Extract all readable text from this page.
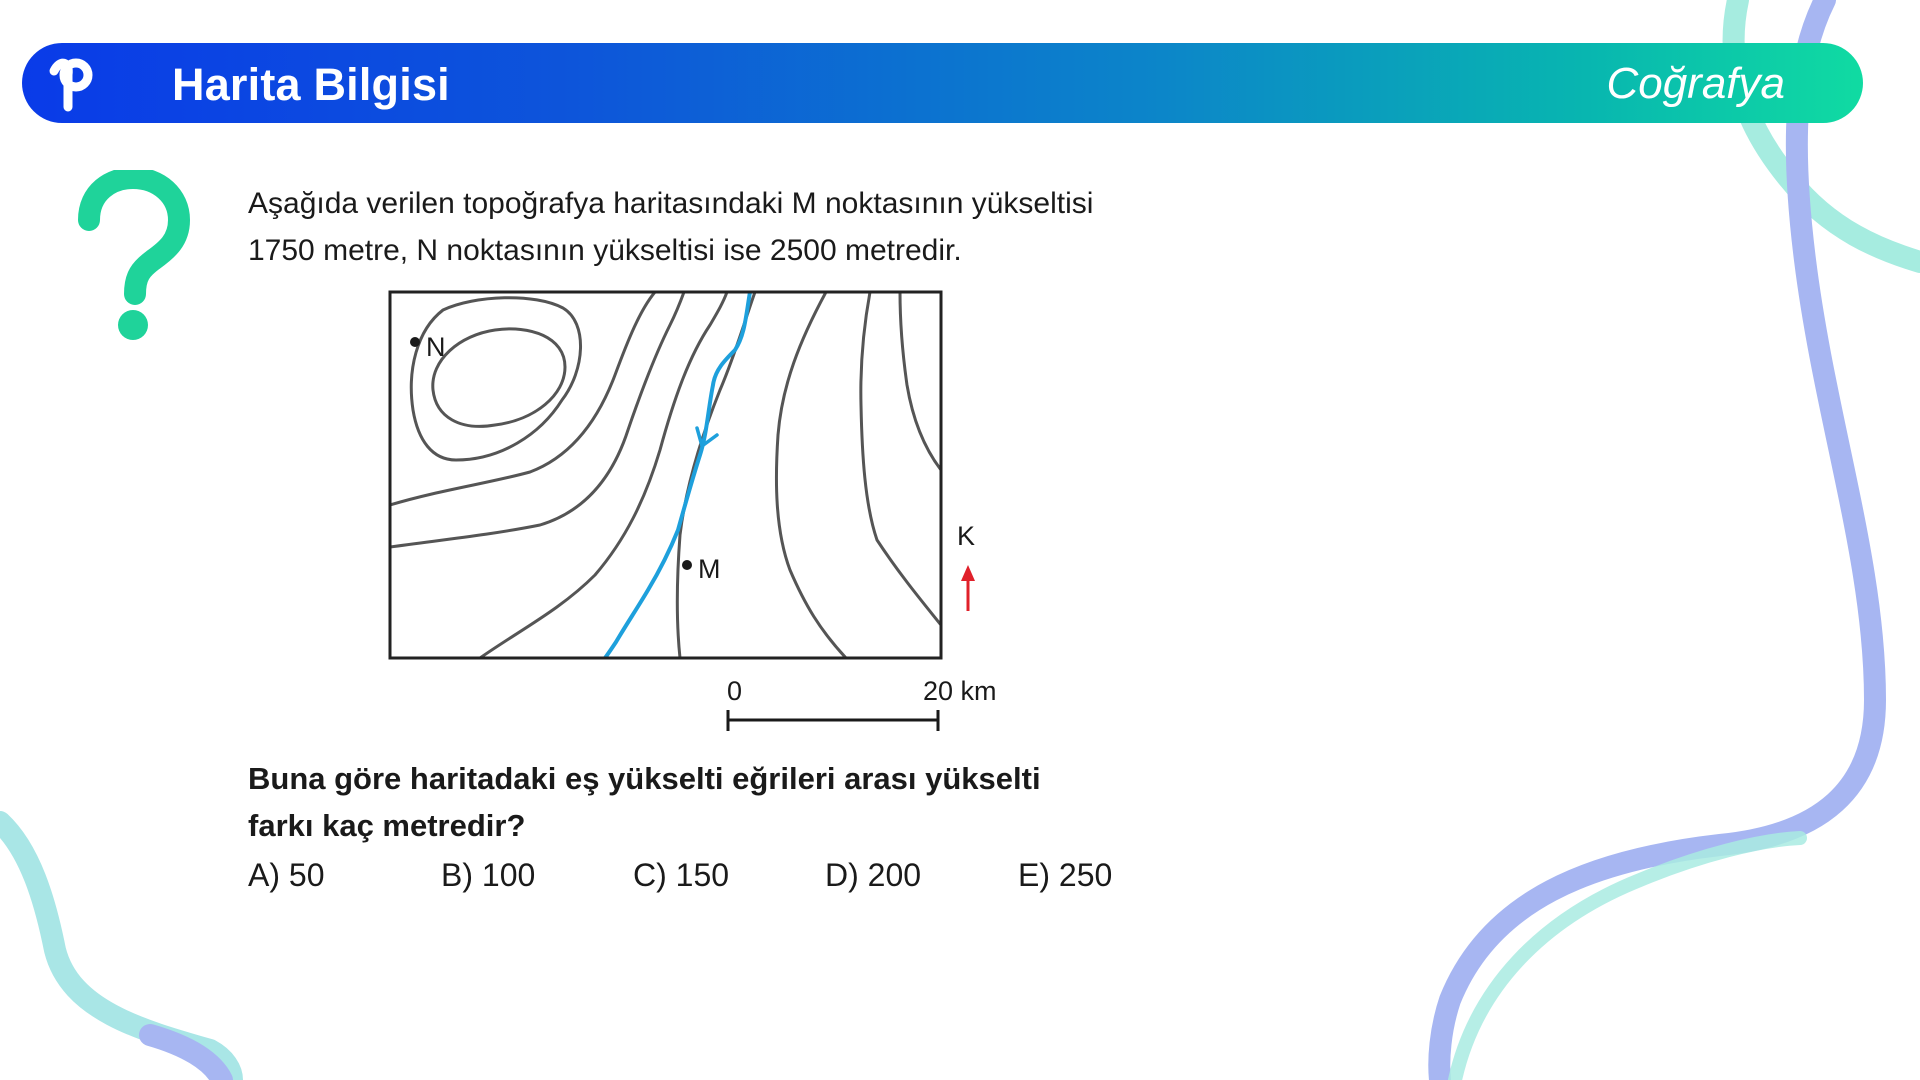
Harita Bilgisi	Coğrafya
Aşağıda verilen topoğrafya haritasındaki M noktasının yükseltisi
1750 metre, N noktasının yükseltisi ise 2500 metredir.
N
M
K
0	20 km
Buna göre haritadaki eş yükselti eğrileri arası yükselti
farkı kaç metredir?
A) 50	B) 100	C) 150	D) 200	E) 250
